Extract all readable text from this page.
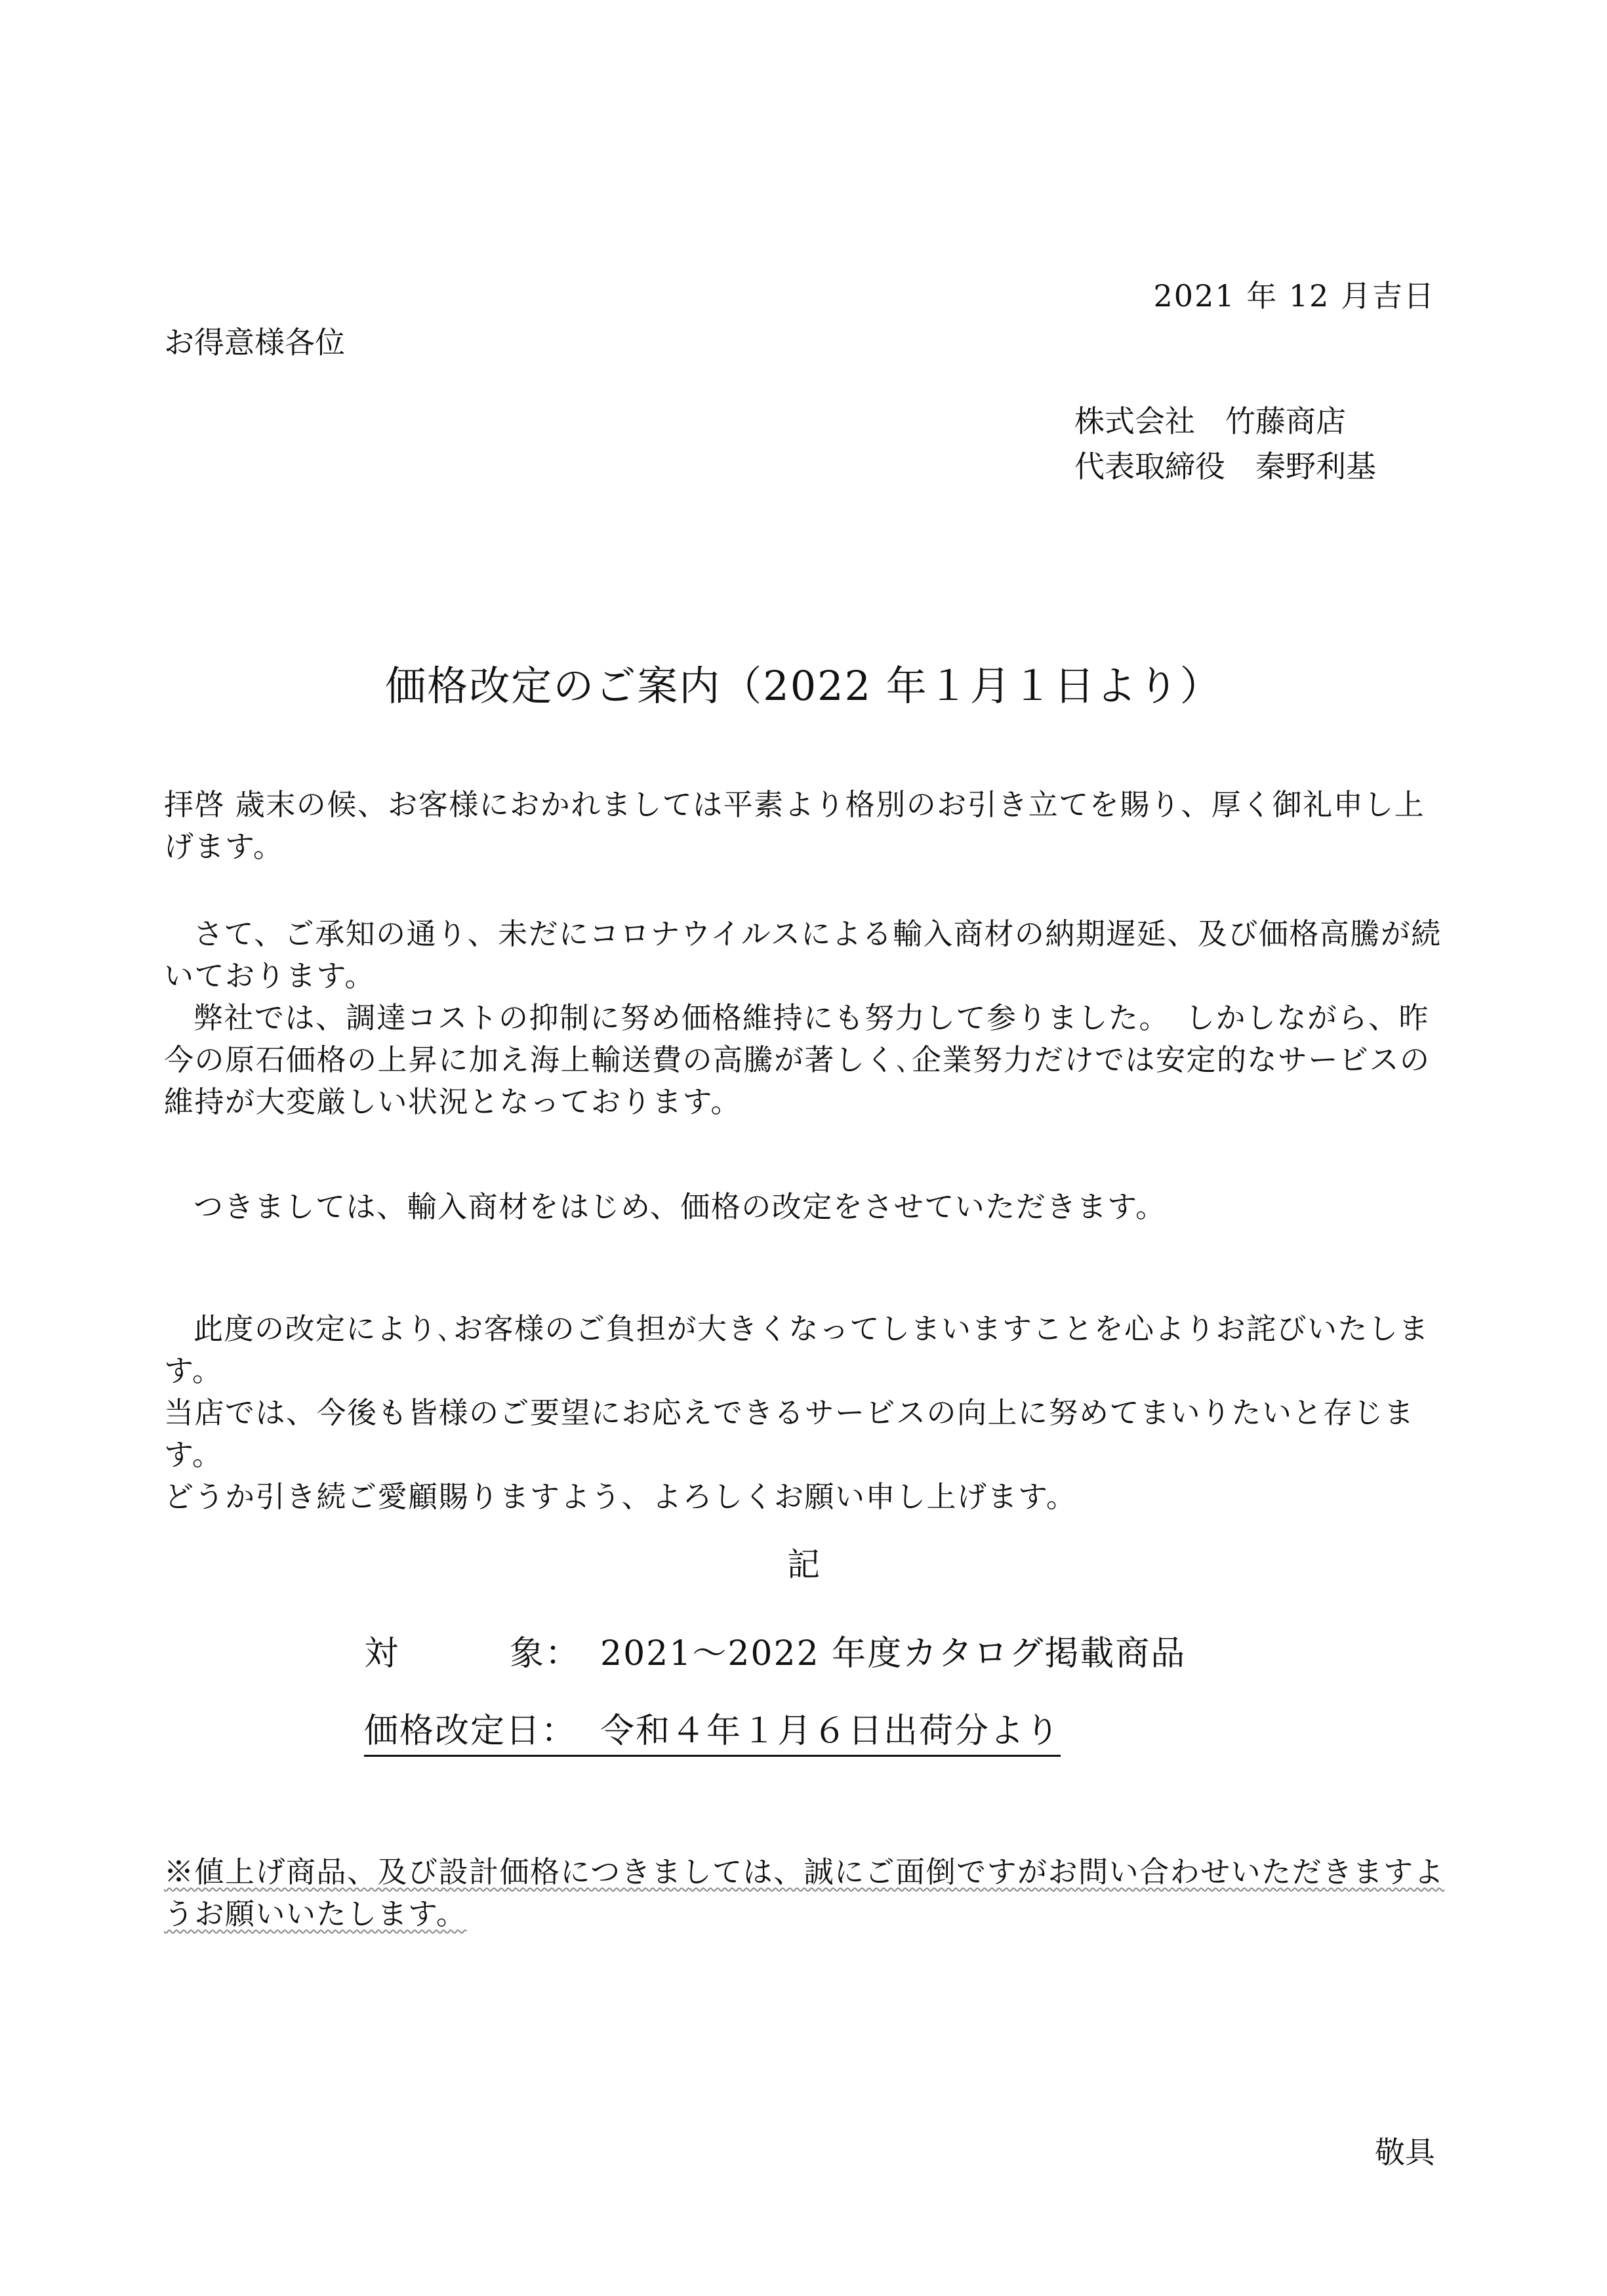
2021 年 12 月吉日
お得意様各位
株式会社　竹藤商店
代表取締役　秦野利基
価格改定のご案内（2022 年１月１日より）
拝啓 歳末の候、お客様におかれましては平素より格別のお引き立てを賜り、厚く御礼申し上げます。
さて、ご承知の通り、未だにコロナウイルスによる輸入商材の納期遅延、及び価格高騰が続いております。
弊社では、調達コストの抑制に努め価格維持にも努力して参りました。　しかしながら、昨今の原石価格の上昇に加え海上輸送費の高騰が著しく､企業努力だけでは安定的なサービスの維持が大変厳しい状況となっております。
つきましては、輸入商材をはじめ、価格の改定をさせていただきます。
此度の改定により､お客様のご負担が大きくなってしまいますことを心よりお詫びいたします。
当店では、今後も皆様のご要望にお応えできるサービスの向上に努めてまいりたいと存じます。
どうか引き続ご愛顧賜りますよう、よろしくお願い申し上げます。
記
対	象： 2021～2022 年度カタログ掲載商品
価格改定日： 令和４年１月６日出荷分より
※値上げ商品、及び設計価格につきましては、誠にご面倒ですがお問い合わせいただきますようお願いいたします。
敬具
